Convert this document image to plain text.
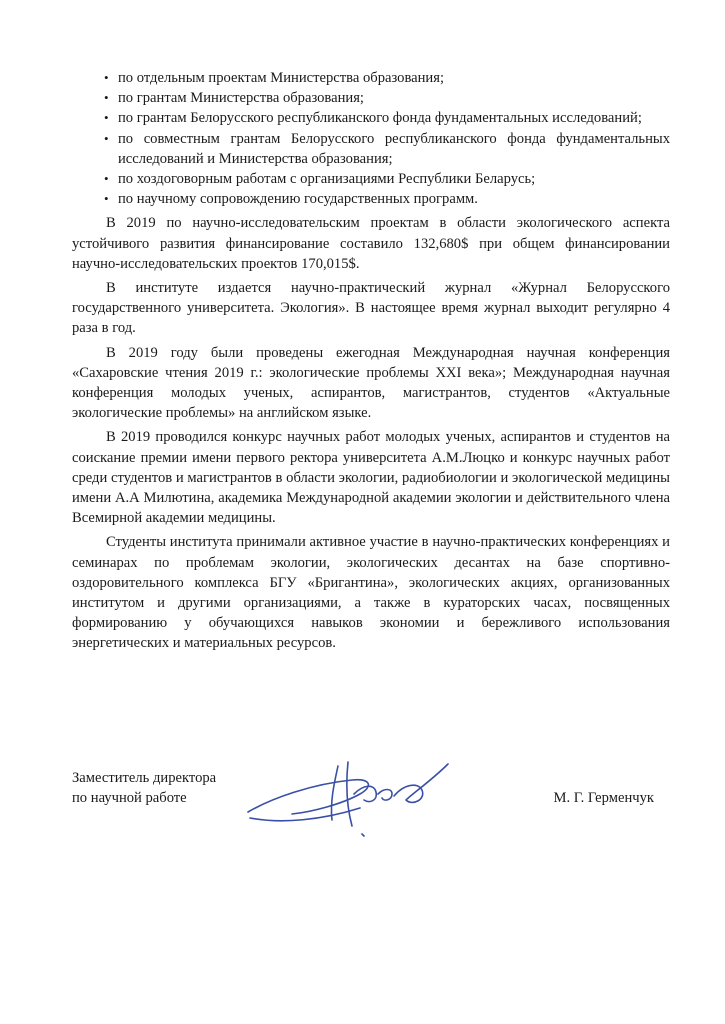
• по отдельным проектам Министерства образования;
• по грантам Министерства образования;
• по грантам Белорусского республиканского фонда фундаментальных исследований;
• по совместным грантам Белорусского республиканского фонда фундаментальных исследований и Министерства образования;
• по хоздоговорным работам с организациями Республики Беларусь;
• по научному сопровождению государственных программ.

В 2019 по научно-исследовательским проектам в области экологического аспекта устойчивого развития финансирование составило 132,680$ при общем финансировании научно-исследовательских проектов 170,015$.

В институте издается научно-практический журнал «Журнал Белорусского государственного университета. Экология». В настоящее время журнал выходит регулярно 4 раза в год.

В 2019 году были проведены ежегодная Международная научная конференция «Сахаровские чтения 2019 г.: экологические проблемы XXI века»; Международная научная конференция молодых ученых, аспирантов, магистрантов, студентов «Актуальные экологические проблемы» на английском языке.

В 2019 проводился конкурс научных работ молодых ученых, аспирантов и студентов на соискание премии имени первого ректора университета А.М.Люцко и конкурс научных работ среди студентов и магистрантов в области экологии, радиобиологии и экологической медицины имени А.А Милютина, академика Международной академии экологии и действительного члена Всемирной академии медицины.

Студенты института принимали активное участие в научно-практических конференциях и семинарах по проблемам экологии, экологических десантах на базе спортивно-оздоровительного комплекса БГУ «Бригантина», экологических акциях, организованных институтом и другими организациями, а также в кураторских часах, посвященных формированию у обучающихся навыков экономии и бережливого использования энергетических и материальных ресурсов.

Заместитель директора
по научной работе	М. Г. Герменчук
